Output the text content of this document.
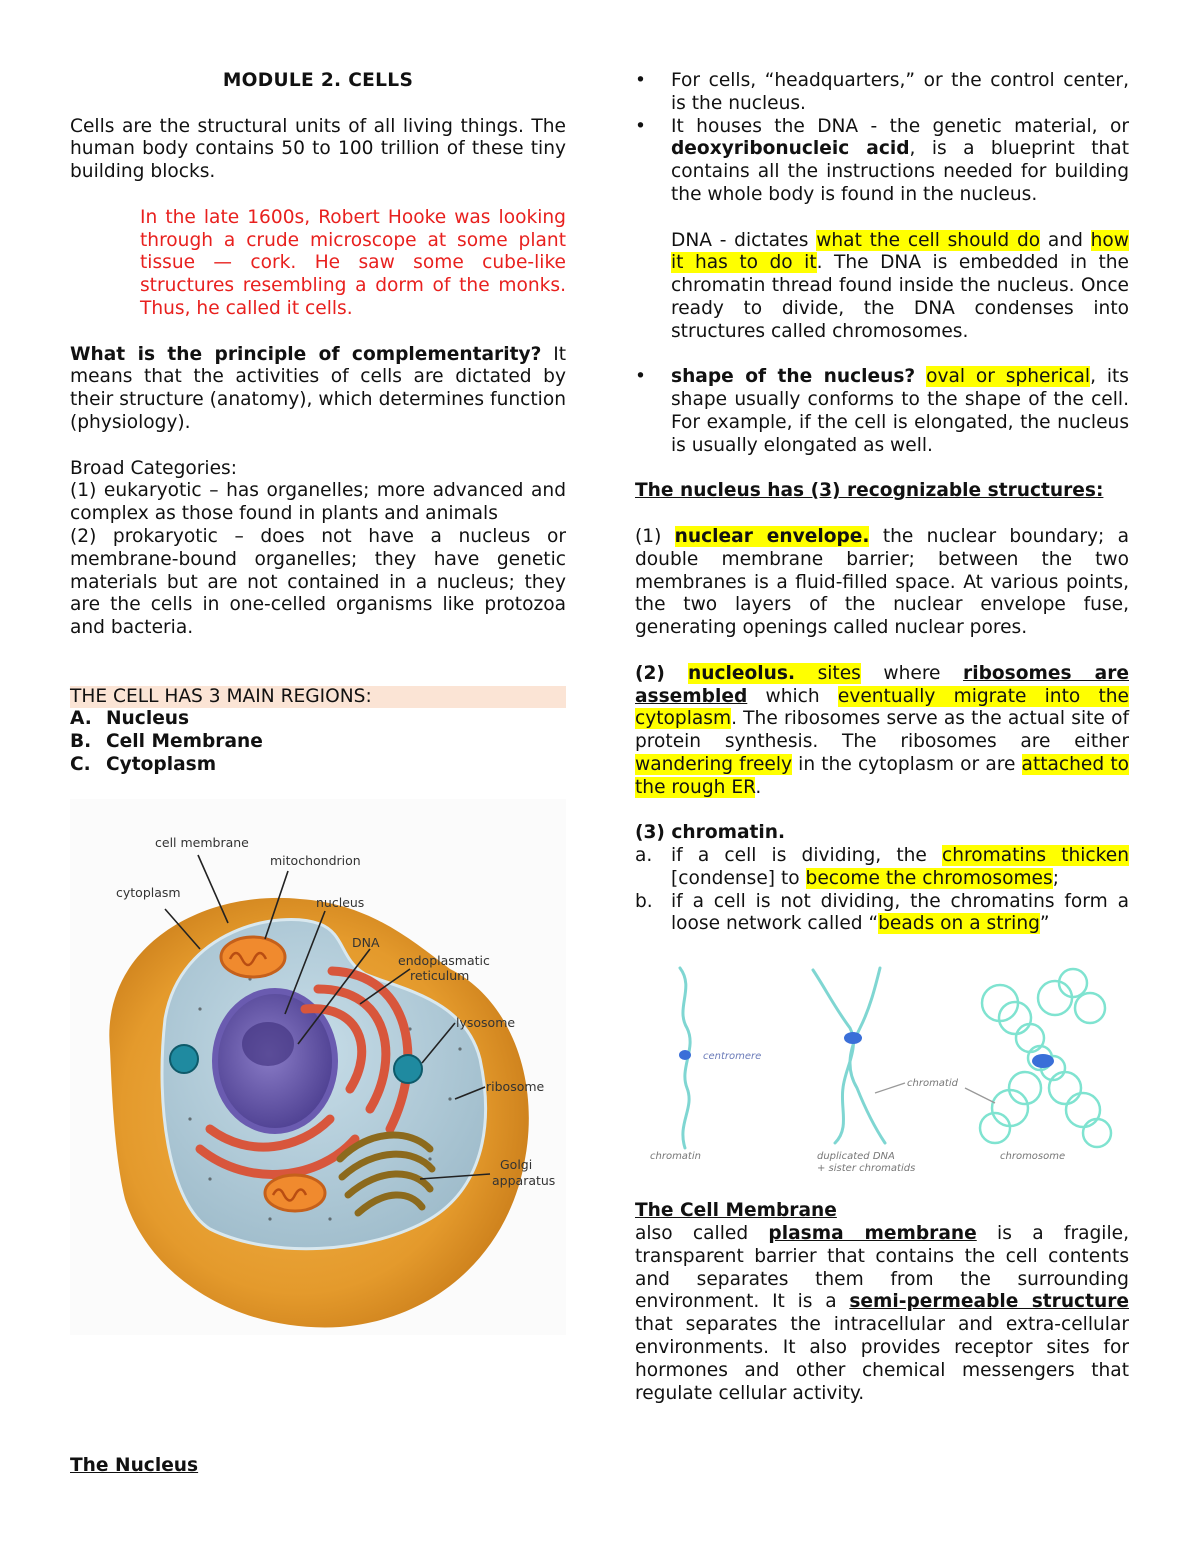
MODULE 2. CELLS

Cells are the structural units of all living things. The human body contains 50 to 100 trillion of these tiny building blocks.

In the late 1600s, Robert Hooke was looking through a crude microscope at some plant tissue — cork. He saw some cube-like structures resembling a dorm of the monks. Thus, he called it cells.

What is the principle of complementarity? It means that the activities of cells are dictated by their structure (anatomy), which determines function (physiology).

Broad Categories:

(1) eukaryotic – has organelles; more advanced and complex as those found in plants and animals

(2) prokaryotic – does not have a nucleus or membrane-bound organelles; they have genetic materials but are not contained in a nucleus; they are the cells in one-celled organisms like protozoa and bacteria.

THE CELL HAS 3 MAIN REGIONS:

A. Nucleus
B. Cell Membrane
C. Cytoplasm
cell membrane
mitochondrion
cytoplasm
nucleus
DNA
endoplasmatic
reticulum
lysosome
ribosome
Golgi
apparatus

The Nucleus

•	For cells, “headquarters,” or the control center, is the nucleus.
•	It houses the DNA - the genetic material, or deoxyribonucleic acid, is a blueprint that contains all the instructions needed for building the whole body is found in the nucleus.

DNA - dictates what the cell should do and how it has to do it. The DNA is embedded in the chromatin thread found inside the nucleus. Once ready to divide, the DNA condenses into structures called chromosomes.

•	shape of the nucleus? oval or spherical, its shape usually conforms to the shape of the cell. For example, if the cell is elongated, the nucleus is usually elongated as well.

The nucleus has (3) recognizable structures:

(1) nuclear envelope. the nuclear boundary; a double membrane barrier; between the two membranes is a fluid-filled space. At various points, the two layers of the nuclear envelope fuse, generating openings called nuclear pores.

(2) nucleolus. sites where ribosomes are assembled which eventually migrate into the cytoplasm. The ribosomes serve as the actual site of protein synthesis. The ribosomes are either wandering freely in the cytoplasm or are attached to the rough ER.

(3) chromatin.

a.	if a cell is dividing, the chromatins thicken [condense] to become the chromosomes;
b. if a cell is not dividing, the chromatins form a loose network called “beads on a string”
centromere
chromatid
chromatin	duplicated DNA
+ sister chromatids
chromosome

The Cell Membrane

also called plasma membrane is a fragile, transparent barrier that contains the cell contents and separates them from the surrounding environment. It is a semi-permeable structure that separates the intracellular and extra-cellular environments. It also provides receptor sites for hormones and other chemical messengers that regulate cellular activity.
